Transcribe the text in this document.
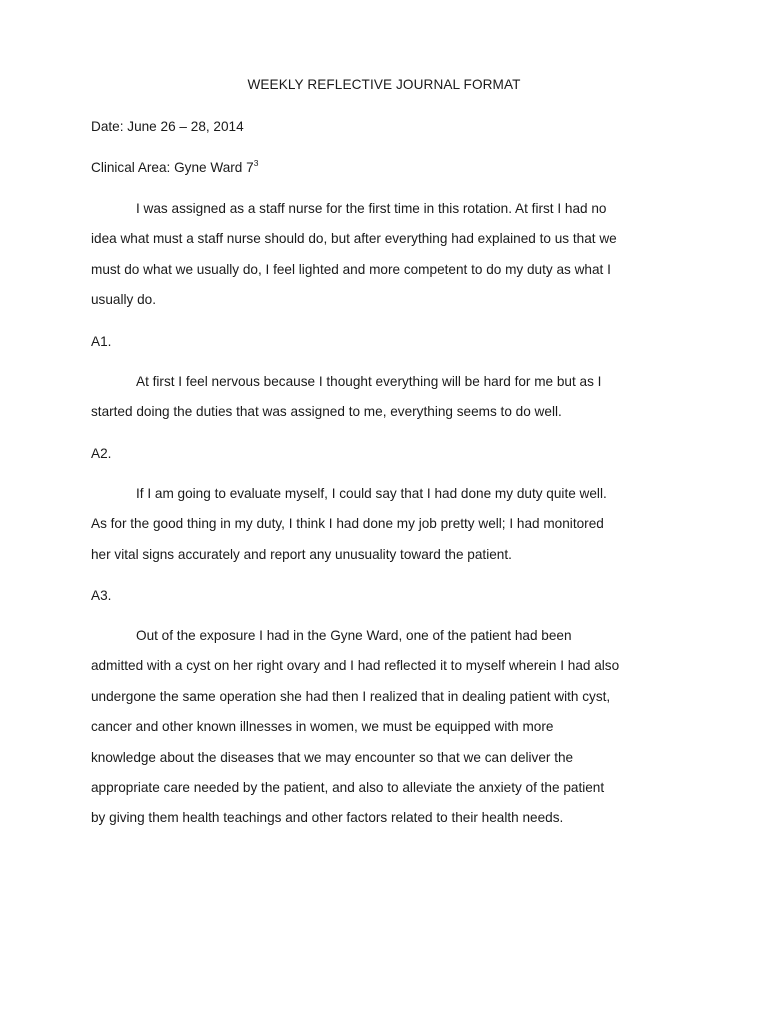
WEEKLY REFLECTIVE JOURNAL FORMAT
Date: June 26 – 28, 2014
Clinical Area: Gyne Ward $7^3$
I was assigned as a staff nurse for the first time in this rotation. At first I had no
idea what must a staff nurse should do, but after everything had explained to us that we
must do what we usually do, I feel lighted and more competent to do my duty as what I
usually do.
A1.
At first I feel nervous because I thought everything will be hard for me but as I
started doing the duties that was assigned to me, everything seems to do well.
A2.
If I am going to evaluate myself, I could say that I had done my duty quite well.
As for the good thing in my duty, I think I had done my job pretty well; I had monitored
her vital signs accurately and report any unusuality toward the patient.
A3.
Out of the exposure I had in the Gyne Ward, one of the patient had been
admitted with a cyst on her right ovary and I had reflected it to myself wherein I had also
undergone the same operation she had then I realized that in dealing patient with cyst,
cancer and other known illnesses in women, we must be equipped with more
knowledge about the diseases that we may encounter so that we can deliver the
appropriate care needed by the patient, and also to alleviate the anxiety of the patient
by giving them health teachings and other factors related to their health needs.
